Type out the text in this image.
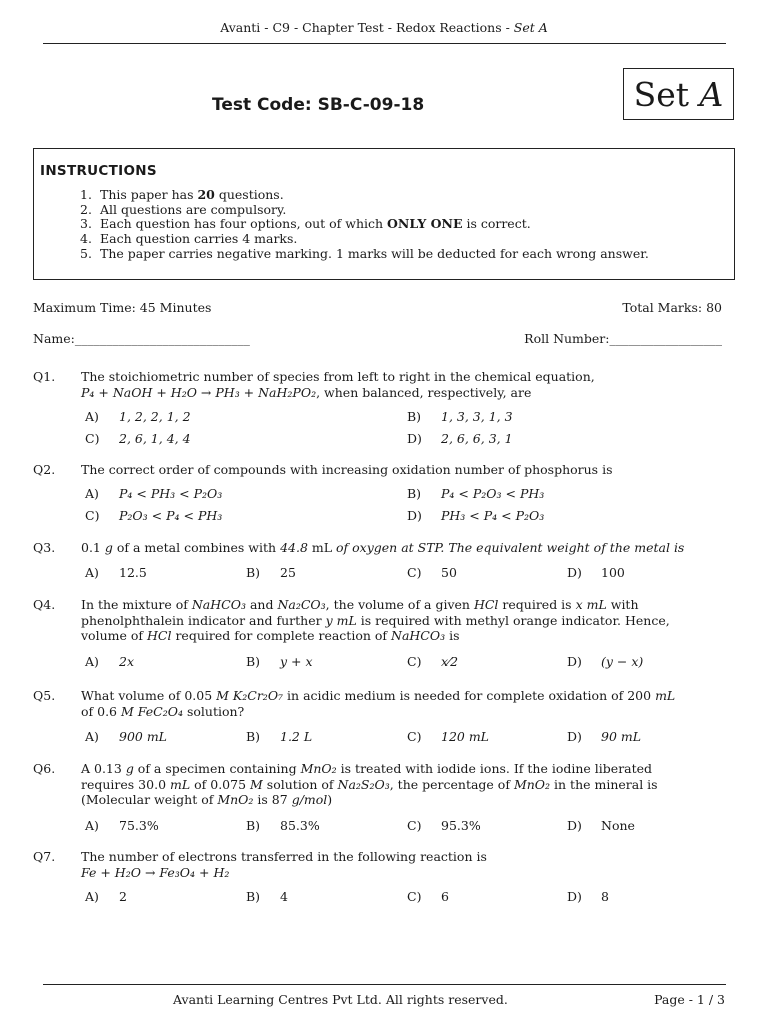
Avanti - C9 - Chapter Test - Redox Reactions - Set A
Test Code: SB-C-09-18	Set A
INSTRUCTIONS
1. This paper has 20 questions.
2. All questions are compulsory.
3. Each question has four options, out of which ONLY ONE is correct.
4. Each question carries 4 marks.
5. The paper carries negative marking. 1 marks will be deducted for each wrong answer.
Maximum Time: 45 Minutes	Total Marks: 80
Name:____________________________	Roll Number:__________________
Q1. The stoichiometric number of species from left to right in the chemical equation,
P₄ + NaOH + H₂O → PH₃ + NaH₂PO₂, when balanced, respectively, are
A) 1, 2, 2, 1, 2	B) 1, 3, 3, 1, 3
C) 2, 6, 1, 4, 4	D) 2, 6, 6, 3, 1
Q2. The correct order of compounds with increasing oxidation number of phosphorus is
A) P₄ < PH₃ < P₂O₃	B) P₄ < P₂O₃ < PH₃
C) P₂O₃ < P₄ < PH₃	D) PH₃ < P₄ < P₂O₃
Q3. 0.1 g of a metal combines with 44.8 mL of oxygen at STP. The equivalent weight of the metal is
A) 12.5	B) 25	C) 50	D) 100
Q4. In the mixture of NaHCO₃ and Na₂CO₃, the volume of a given HCl required is x mL with
phenolphthalein indicator and further y mL is required with methyl orange indicator. Hence,
volume of HCl required for complete reaction of NaHCO₃ is
A) 2x	B) y + x	C) x⁄2	D) (y − x)
Q5. What volume of 0.05 M K₂Cr₂O₇ in acidic medium is needed for complete oxidation of 200 mL
of 0.6 M FeC₂O₄ solution?
A) 900 mL	B) 1.2 L	C) 120 mL	D) 90 mL
Q6. A 0.13 g of a specimen containing MnO₂ is treated with iodide ions. If the iodine liberated
requires 30.0 mL of 0.075 M solution of Na₂S₂O₃, the percentage of MnO₂ in the mineral is
(Molecular weight of MnO₂ is 87 g/mol)
A) 75.3%	B) 85.3%	C) 95.3%	D) None
Q7. The number of electrons transferred in the following reaction is
Fe + H₂O → Fe₃O₄ + H₂
A) 2	B) 4	C) 6	D) 8
Avanti Learning Centres Pvt Ltd. All rights reserved.	Page - 1 / 3
